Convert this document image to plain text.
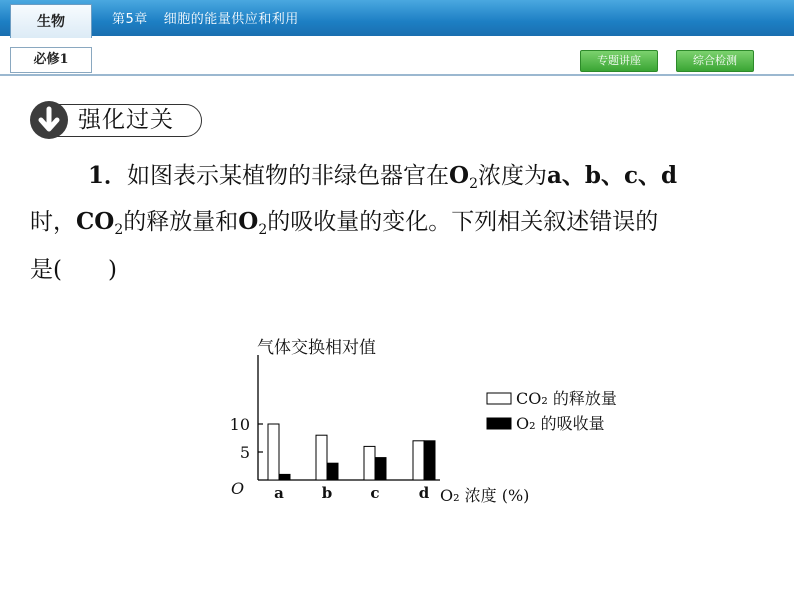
生物	第5章 细胞的能量供应和利用
必修1	专题讲座	综合检测
强化过关
1．如图表示某植物的非绿色器官在$O_2$浓度为a、b、c、d
时，$CO_2$的释放量和$O_2$的吸收量的变化。下列相关叙述错误的
是(　　)
气体交换相对值
O
10
5
a	b	c	d O₂ 浓度 (%)
CO₂ 的释放量
O₂ 的吸收量
